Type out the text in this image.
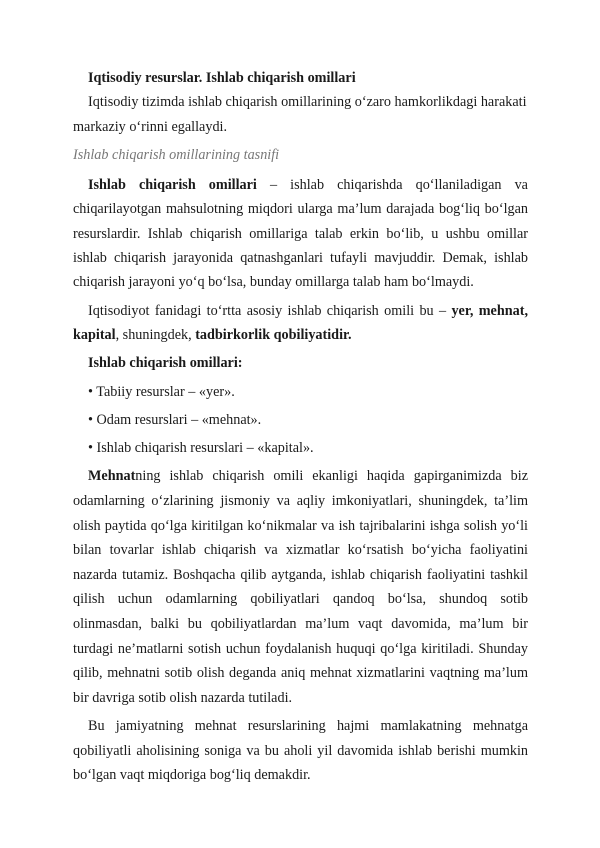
Iqtisodiy resurslar. Ishlab chiqarish omillari

Iqtisodiy tizimda ishlab chiqarish omillarining o‘zaro hamkorlikdagi harakati
markaziy o‘rinni egallaydi.

Ishlab chiqarish omillarining tasnifi

Ishlab chiqarish omillari – ishlab chiqarishda qo‘llaniladigan va chiqarilayotgan mahsulotning miqdori ularga ma’lum darajada bog‘liq bo‘lgan resurslardir. Ishlab chiqarish omillariga talab erkin bo‘lib, u ushbu omillar ishlab chiqarish jarayonida qatnashganlari tufayli mavjuddir. Demak, ishlab chiqarish jarayoni yo‘q bo‘lsa, bunday omillarga talab ham bo‘lmaydi.

Iqtisodiyot fanidagi to‘rtta asosiy ishlab chiqarish omili bu – yer, mehnat, kapital, shuningdek, tadbirkorlik qobiliyatidir.

Ishlab chiqarish omillari:

• Tabiiy resurslar – «yer».

• Odam resurslari – «mehnat».

• Ishlab chiqarish resurslari – «kapital».

Mehnatning ishlab chiqarish omili ekanligi haqida gapirganimizda biz odamlarning o‘zlarining jismoniy va aqliy imkoniyatlari, shuningdek, ta’lim olish paytida qo‘lga kiritilgan ko‘nikmalar va ish tajribalarini ishga solish yo‘li bilan tovarlar ishlab chiqarish va xizmatlar ko‘rsatish bo‘yicha faoliyatini nazarda tutamiz. Boshqacha qilib aytganda, ishlab chiqarish faoliyatini tashkil qilish uchun odamlarning qobiliyatlari qandoq bo‘lsa, shundoq sotib olinmasdan, balki bu qobiliyatlardan ma’lum vaqt davomida, ma’lum bir turdagi ne’matlarni sotish uchun foydalanish huquqi qo‘lga kiritiladi. Shunday qilib, mehnatni sotib olish deganda aniq mehnat xizmatlarini vaqtning ma’lum bir davriga sotib olish nazarda tutiladi.

Bu jamiyatning mehnat resurslarining hajmi mamlakatning mehnatga qobiliyatli aholisining soniga va bu aholi yil davomida ishlab berishi mumkin bo‘lgan vaqt miqdoriga bog‘liq demakdir.
